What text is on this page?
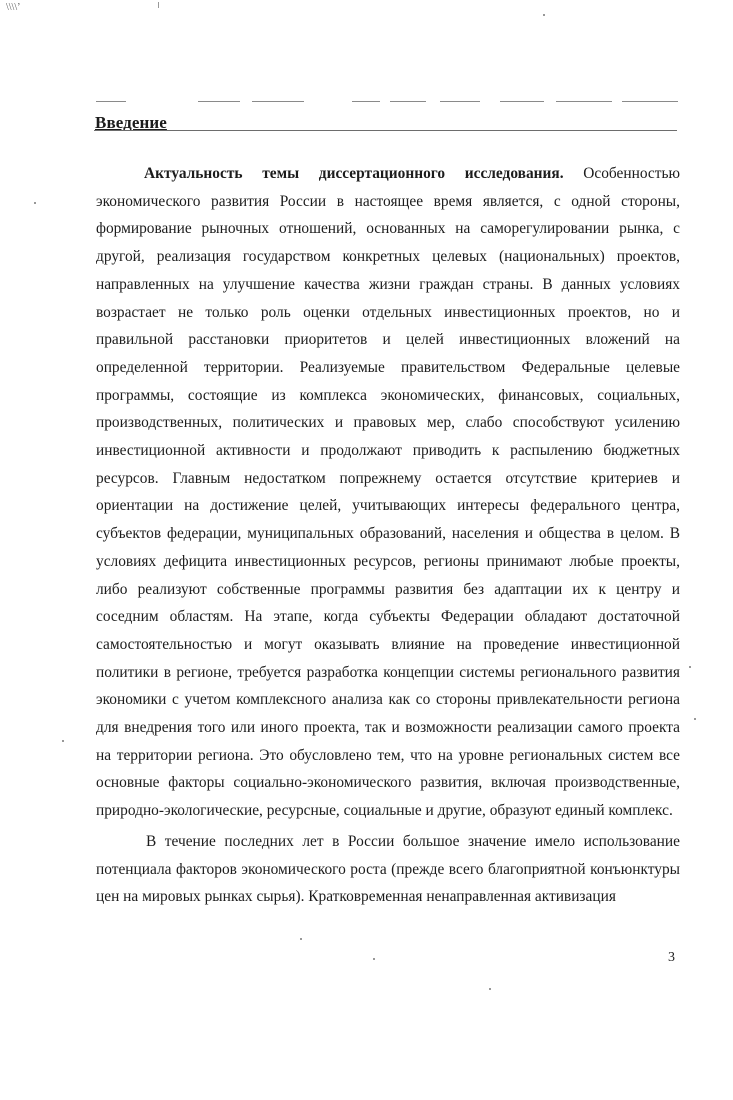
\\\\’
Введение

Актуальность темы диссертационного исследования. Особенностью экономического развития России в настоящее время является, с одной стороны, формирование рыночных отношений, основанных на саморегулировании рынка, с другой, реализация государством конкретных целевых (национальных) проектов, направленных на улучшение качества жизни граждан страны. В данных условиях возрастает не только роль оценки отдельных инвестиционных проектов, но и правильной расстановки приоритетов и целей инвестиционных вложений на определенной территории. Реализуемые правительством Федеральные целевые программы, состоящие из комплекса экономических, финансовых, социальных, производственных, политических и правовых мер, слабо способствуют усилению инвестиционной активности и продолжают приводить к распылению бюджетных ресурсов. Главным недостатком попрежнему остается отсутствие критериев и ориентации на достижение целей, учитывающих интересы федерального центра, субъектов федерации, муниципальных образований, населения и общества в целом. В условиях дефицита инвестиционных ресурсов, регионы принимают любые проекты, либо реализуют собственные программы развития без адаптации их к центру и соседним областям. На этапе, когда субъекты Федерации обладают достаточной самостоятельностью и могут оказывать влияние на проведение инвестиционной политики в регионе, требуется разработка концепции системы регионального развития экономики с учетом комплексного анализа как со стороны привлекательности региона для внедрения того или иного проекта, так и возможности реализации самого проекта на территории региона. Это обусловлено тем, что на уровне региональных систем все основные факторы социально-экономического развития, включая производственные, природно-экологические, ресурсные, социальные и другие, образуют единый комплекс.

В течение последних лет в России большое значение имело использование потенциала факторов экономического роста (прежде всего благоприятной конъюнктуры цен на мировых рынках сырья). Кратковременная ненаправленная активизация

3
